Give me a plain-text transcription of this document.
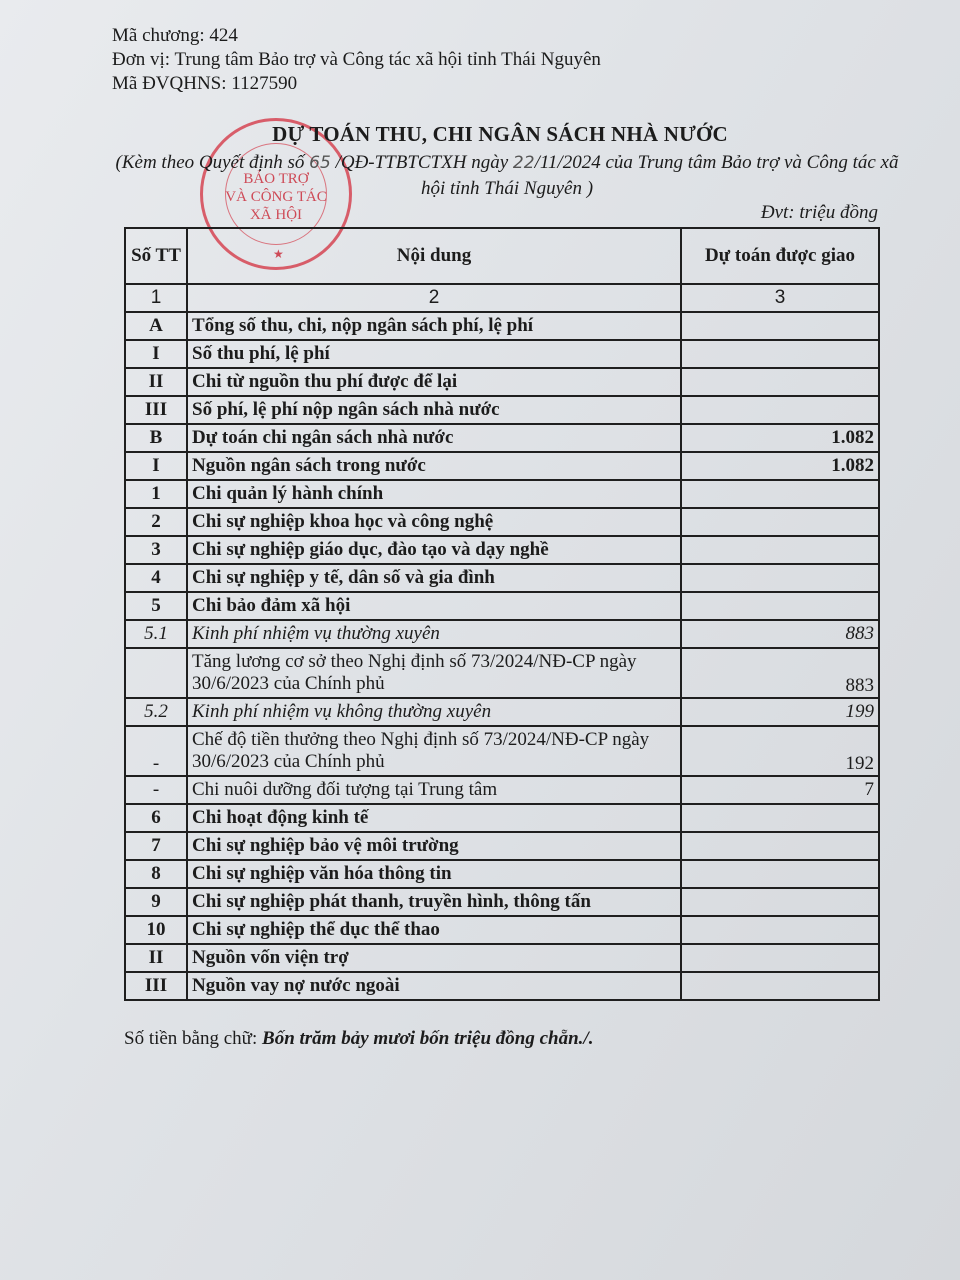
Mã chương: 424
Đơn vị: Trung tâm Bảo trợ và Công tác xã hội tỉnh Thái Nguyên
Mã ĐVQHNS: 1127590
BẢO TRỢ
VÀ CÔNG TÁC
XÃ HỘI
★
DỰ TOÁN THU, CHI NGÂN SÁCH NHÀ NƯỚC
(Kèm theo Quyết định số 65 /QĐ-TTBTCTXH ngày 22/11/2024 của Trung tâm Bảo trợ và Công tác xã hội tỉnh Thái Nguyên )
Đvt: triệu đồng
Số TT	Nội dung	Dự toán được giao
1	2	3
A	Tổng số thu, chi, nộp ngân sách phí, lệ phí	
I	Số thu phí, lệ phí	
II	Chi từ nguồn thu phí được để lại	
III	Số phí, lệ phí nộp ngân sách nhà nước	
B	Dự toán chi ngân sách nhà nước	1.082
I	Nguồn ngân sách trong nước	1.082
1	Chi quản lý hành chính	
2	Chi sự nghiệp khoa học và công nghệ	
3	Chi sự nghiệp giáo dục, đào tạo và dạy nghề	
4	Chi sự nghiệp y tế, dân số và gia đình	
5	Chi bảo đảm xã hội	
5.1	Kinh phí nhiệm vụ thường xuyên	883
	Tăng lương cơ sở theo Nghị định số 73/2024/NĐ-CP ngày 30/6/2023 của Chính phủ	883
5.2	Kinh phí nhiệm vụ không thường xuyên	199
-	Chế độ tiền thưởng theo Nghị định số 73/2024/NĐ-CP ngày 30/6/2023 của Chính phủ	192
-	Chi nuôi dưỡng đối tượng tại Trung tâm	7
6	Chi hoạt động kinh tế	
7	Chi sự nghiệp bảo vệ môi trường	
8	Chi sự nghiệp văn hóa thông tin	
9	Chi sự nghiệp phát thanh, truyền hình, thông tấn	
10	Chi sự nghiệp thể dục thể thao	
II	Nguồn vốn viện trợ	
III	Nguồn vay nợ nước ngoài	
Số tiền bằng chữ: Bốn trăm bảy mươi bốn triệu đồng chẵn./.
